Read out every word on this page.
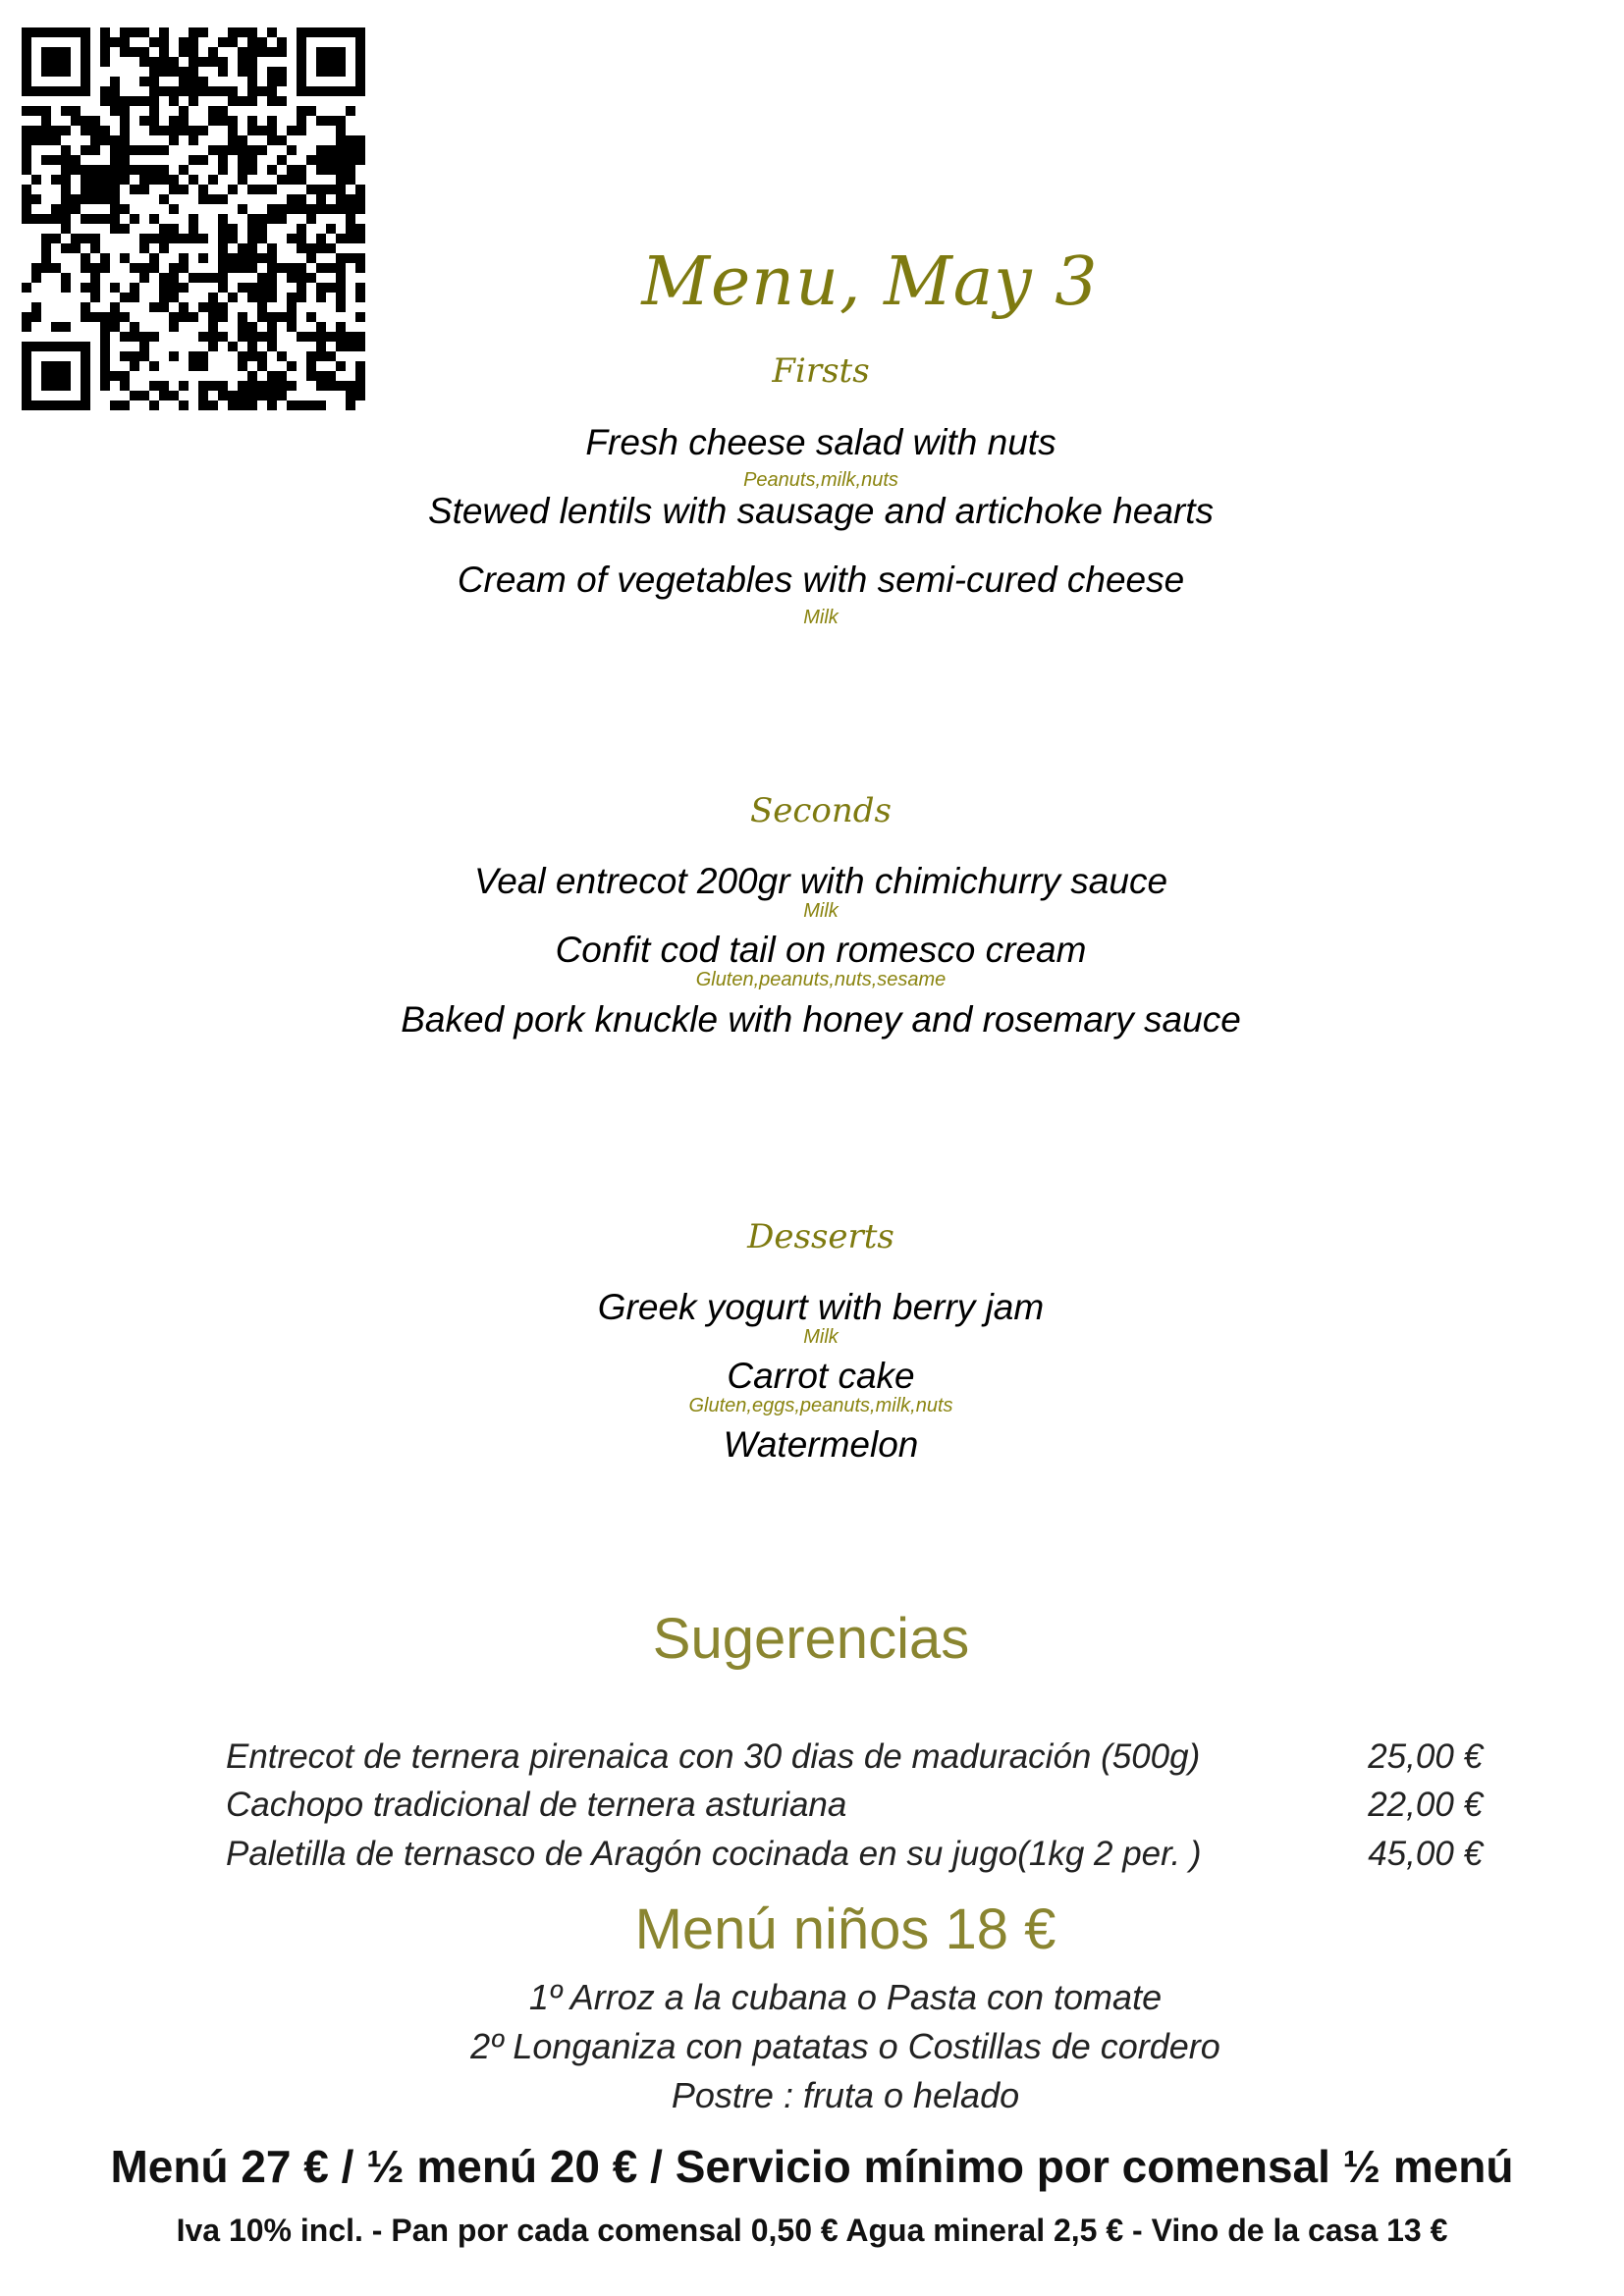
Menu, May 3
Firsts
Fresh cheese salad with nuts
Peanuts,milk,nuts
Stewed lentils with sausage and artichoke hearts
Cream of vegetables with semi-cured cheese
Milk
Seconds
Veal entrecot 200gr with chimichurry sauce
Milk
Confit cod tail on romesco cream
Gluten,peanuts,nuts,sesame
Baked pork knuckle with honey and rosemary sauce
Desserts
Greek yogurt with berry jam
Milk
Carrot cake
Gluten,eggs,peanuts,milk,nuts
Watermelon
Sugerencias
Entrecot de ternera pirenaica con 30 dias de maduración (500g)	25,00 €
Cachopo tradicional de ternera asturiana	22,00 €
Paletilla de ternasco de Aragón cocinada en su jugo(1kg 2 per. )	45,00 €
Menú niños 18 €
1º Arroz a la cubana o Pasta con tomate
2º Longaniza con patatas o Costillas de cordero
Postre : fruta o helado
Menú 27 € / ½ menú 20 € / Servicio mínimo por comensal ½ menú
Iva 10% incl. - Pan por cada comensal 0,50 € Agua mineral 2,5 € - Vino de la casa 13 €
